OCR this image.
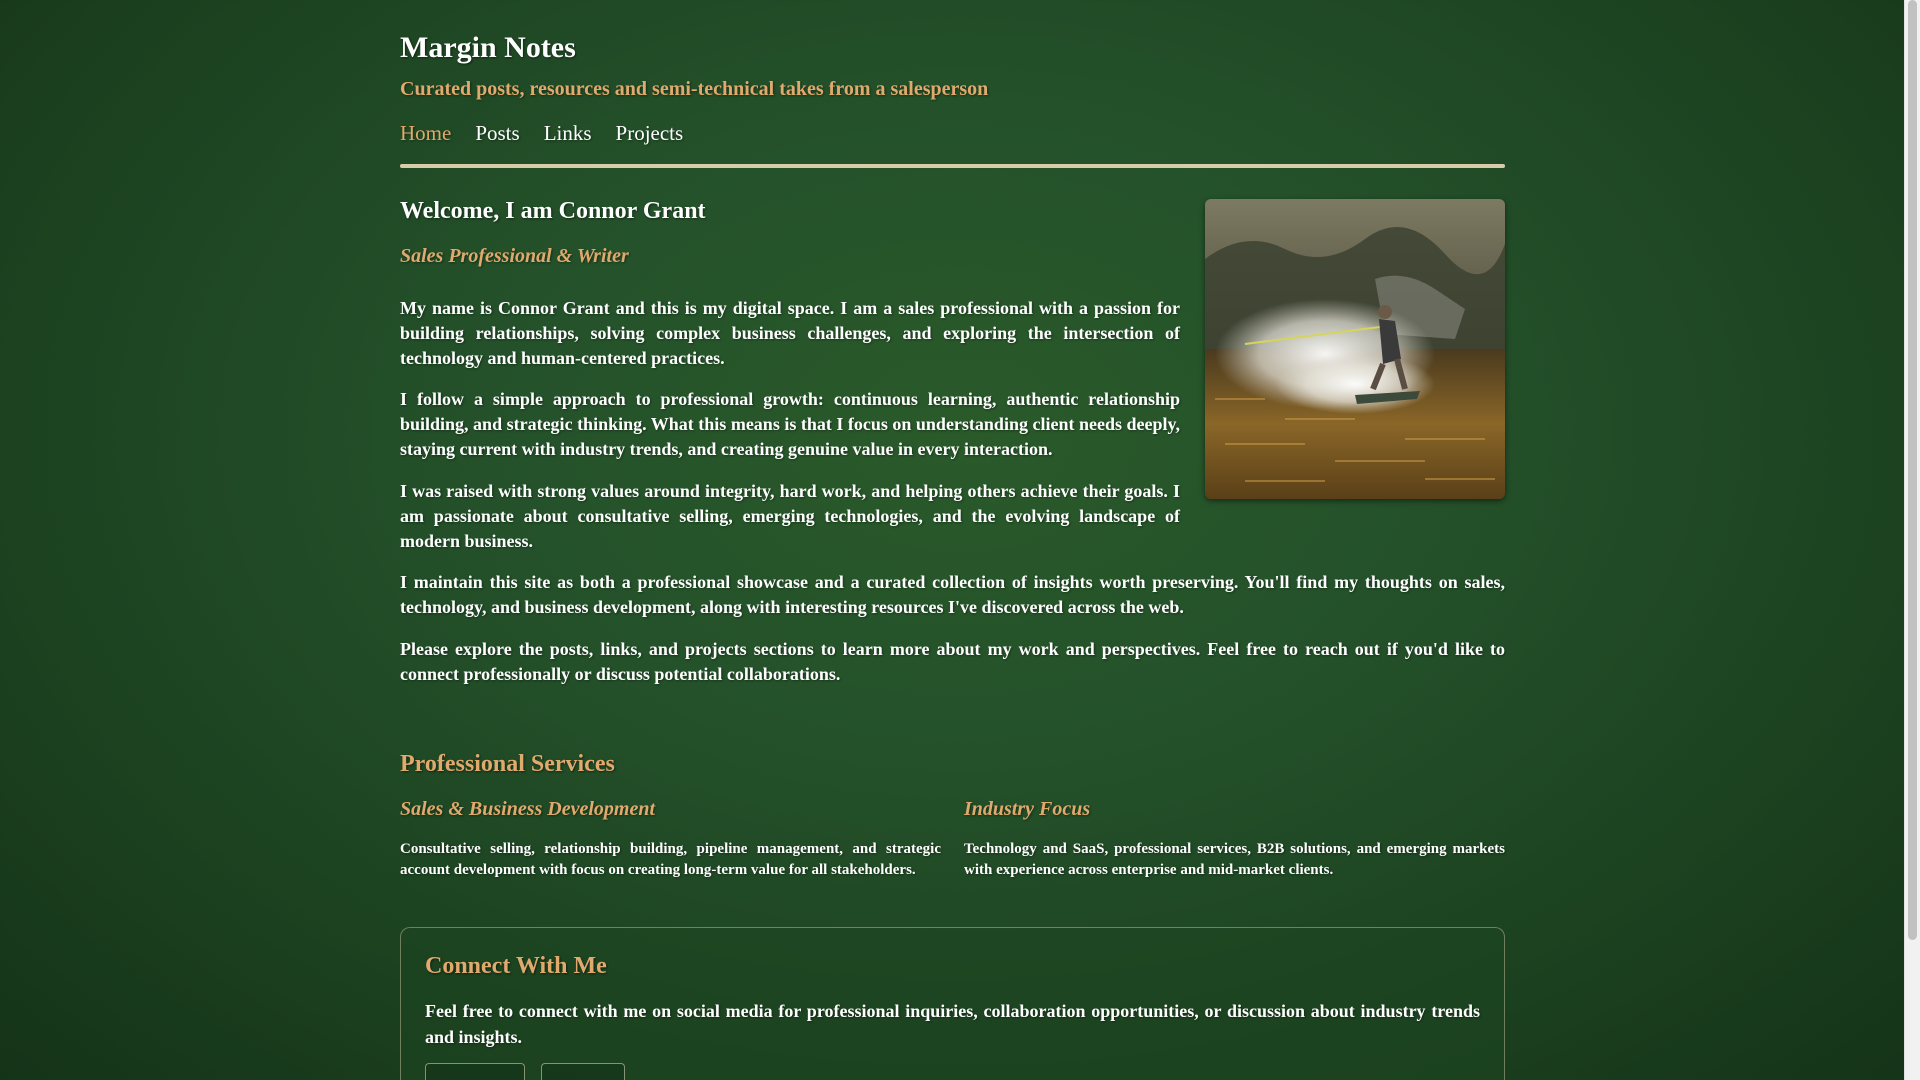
Margin Notes
Curated posts, resources and semi-technical takes from a salesperson
Home Posts Links Projects
Welcome, I am Connor Grant
Sales Professional & Writer

My name is Connor Grant and this is my digital space. I am a sales professional with a passion for building relationships, solving complex business challenges, and exploring the intersection of technology and human-centered practices.

I follow a simple approach to professional growth: continuous learning, authentic relationship building, and strategic thinking. What this means is that I focus on understanding client needs deeply, staying current with industry trends, and creating genuine value in every interaction.

I was raised with strong values around integrity, hard work, and helping others achieve their goals. I am passionate about consultative selling, emerging technologies, and the evolving landscape of modern business.

I maintain this site as both a professional showcase and a curated collection of insights worth preserving. You'll find my thoughts on sales, technology, and business development, along with interesting resources I've discovered across the web.

Please explore the posts, links, and projects sections to learn more about my work and perspectives. Feel free to reach out if you'd like to connect professionally or discuss potential collaborations.

Professional Services
Sales & Business Development

Consultative selling, relationship building, pipeline management, and strategic account development with focus on creating long-term value for all stakeholders.

Industry Focus

Technology and SaaS, professional services, B2B solutions, and emerging markets with experience across enterprise and mid-market clients.

Connect With Me

Feel free to connect with me on social media for professional inquiries, collaboration opportunities, or discussion about industry trends and insights.
